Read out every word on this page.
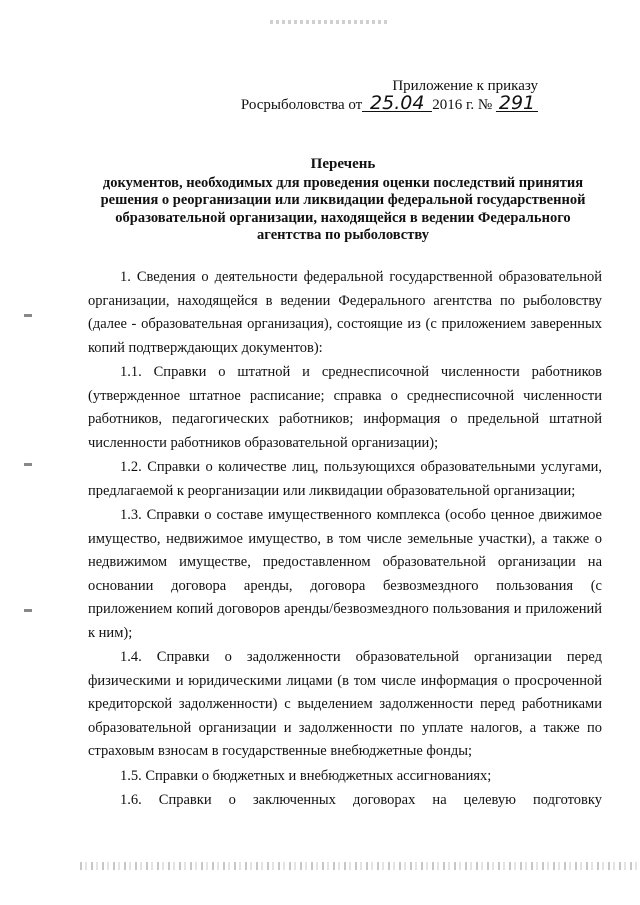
Приложение к приказу
Росрыболовства от 25.04 2016 г. № 291
Перечень
документов, необходимых для проведения оценки последствий принятия решения о реорганизации или ликвидации федеральной государственной образовательной организации, находящейся в ведении Федерального агентства по рыболовству

1. Сведения о деятельности федеральной государственной образовательной организации, находящейся в ведении Федерального агентства по рыболовству (далее - образовательная организация), состоящие из (с приложением заверенных копий подтверждающих документов):

1.1. Справки о штатной и среднесписочной численности работников (утвержденное штатное расписание; справка о среднесписочной численности работников, педагогических работников; информация о предельной штатной численности работников образовательной организации);

1.2. Справки о количестве лиц, пользующихся образовательными услугами, предлагаемой к реорганизации или ликвидации образовательной организации;

1.3. Справки о составе имущественного комплекса (особо ценное движимое имущество, недвижимое имущество, в том числе земельные участки), а также о недвижимом имуществе, предоставленном образовательной организации на основании договора аренды, договора безвозмездного пользования (с приложением копий договоров аренды/безвозмездного пользования и приложений к ним);

1.4. Справки о задолженности образовательной организации перед физическими и юридическими лицами (в том числе информация о просроченной кредиторской задолженности) с выделением задолженности перед работниками образовательной организации и задолженности по уплате налогов, а также по страховым взносам в государственные внебюджетные фонды;

1.5. Справки о бюджетных и внебюджетных ассигнованиях;

1.6. Справки о заключенных договорах на целевую подготовку
